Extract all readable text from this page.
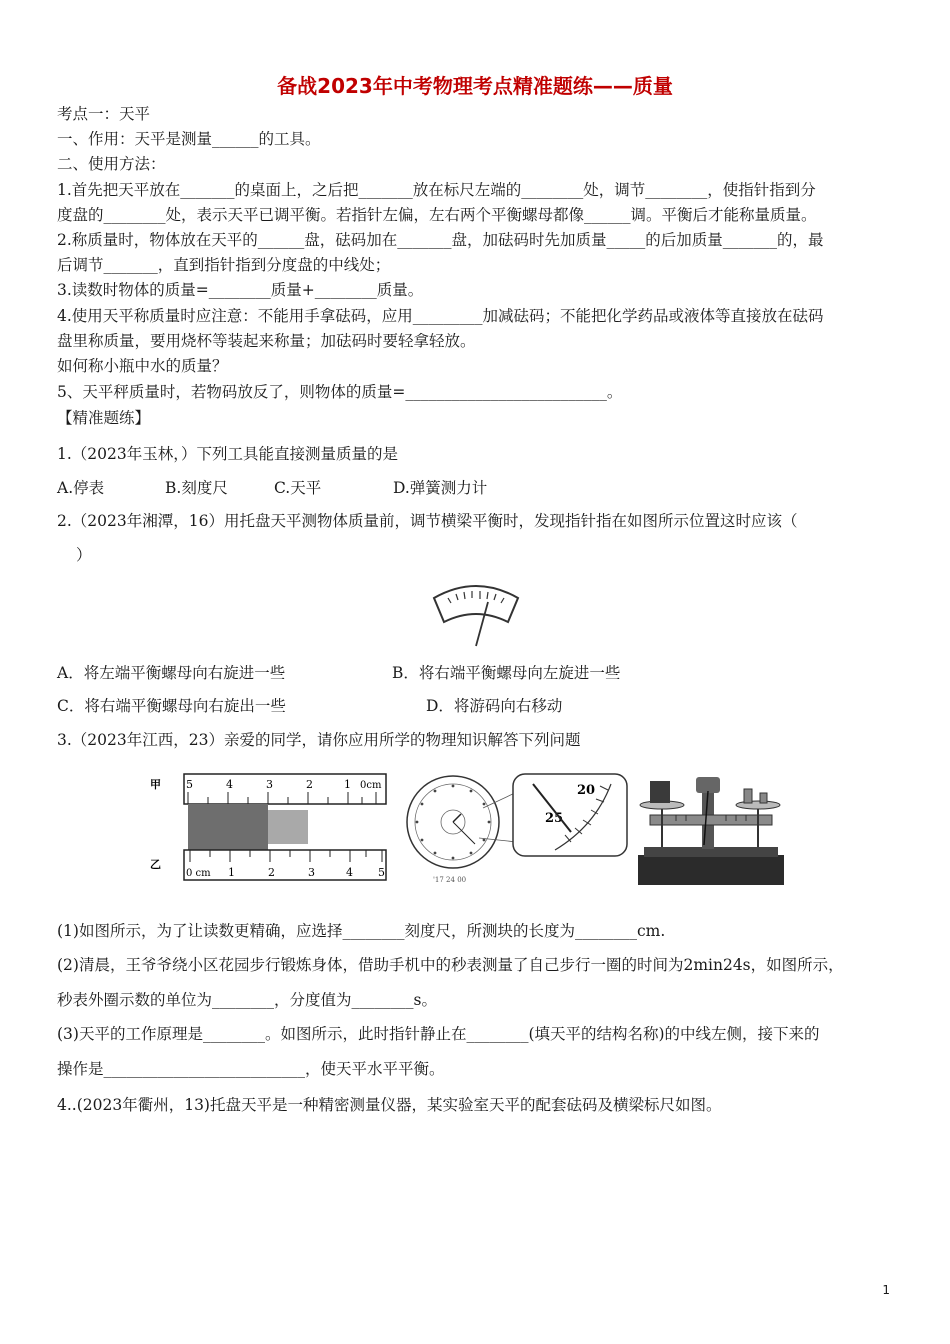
备战2023年中考物理考点精准题练——质量
考点一：天平
一、作用：天平是测量______的工具。
二、使用方法：
1.首先把天平放在_______的桌面上，之后把_______放在标尺左端的________处，调节________，使指针指到分
度盘的________处，表示天平已调平衡。若指针左偏，左右两个平衡螺母都像______调。平衡后才能称量质量。
2.称质量时，物体放在天平的______盘，砝码加在_______盘，加砝码时先加质量_____的后加质量_______的，最
后调节_______，直到指针指到分度盘的中线处；
3.读数时物体的质量=________质量+________质量。
4.使用天平称质量时应注意：不能用手拿砝码，应用_________加减砝码；不能把化学药品或液体等直接放在砝码
盘里称质量，要用烧杯等装起来称量；加砝码时要轻拿轻放。
如何称小瓶中水的质量？
5、天平秤质量时，若物码放反了，则物体的质量=__________________________。
【精准题练】
1.（2023年玉林，）下列工具能直接测量质量的是
A.停表	B.刻度尺	C.天平	D.弹簧测力计
2.（2023年湘潭，16）用托盘天平测物体质量前，调节横梁平衡时，发现指针指在如图所示位置这时应该（
）
A．将左端平衡螺母向右旋进一些	B．将右端平衡螺母向左旋进一些
C．将右端平衡螺母向右旋出一些	D．将游码向右移动
3.（2023年江西，23）亲爱的同学，请你应用所学的物理知识解答下列问题
甲
乙
5	4	3	2	1 0cm
0 cm 1	2	3	4 5
'17 24 00
20
25
(1)如图所示，为了让读数更精确，应选择________刻度尺，所测块的长度为________cm.
(2)清晨，王爷爷绕小区花园步行锻炼身体，借助手机中的秒表测量了自己步行一圈的时间为2min24s，如图所示，
秒表外圈示数的单位为________，分度值为________s。
(3)天平的工作原理是________。如图所示，此时指针静止在________(填天平的结构名称)的中线左侧，接下来的
操作是__________________________，使天平水平平衡。
4..(2023年衢州，13)托盘天平是一种精密测量仪器，某实验室天平的配套砝码及横梁标尺如图。
1
